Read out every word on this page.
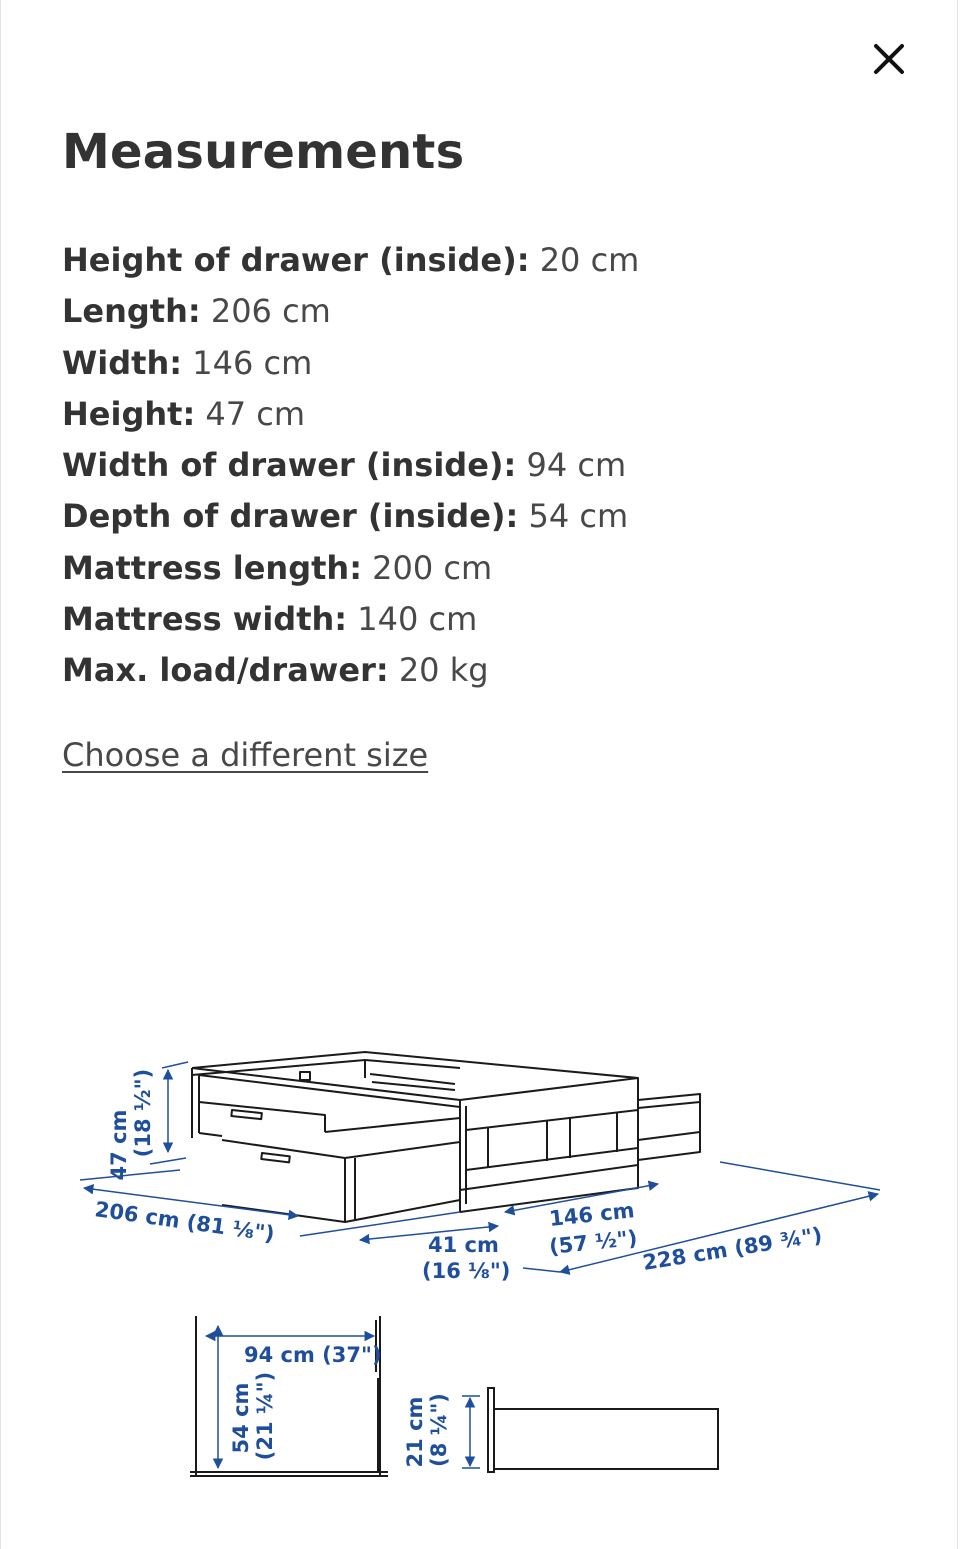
Measurements
Height of drawer (inside): 20 cm
Length: 206 cm
Width: 146 cm
Height: 47 cm
Width of drawer (inside): 94 cm
Depth of drawer (inside): 54 cm
Mattress length: 200 cm
Mattress width: 140 cm
Max. load/drawer: 20 kg
Choose a different size
47 cm (18 ½")
206 cm (81 ⅛")	41 cm
(16 ⅛")
146 cm
(57 ½") 228 cm (89 ¾")
94 cm (37")
54 cm (21 ¼")	21 cm (8 ¼")
